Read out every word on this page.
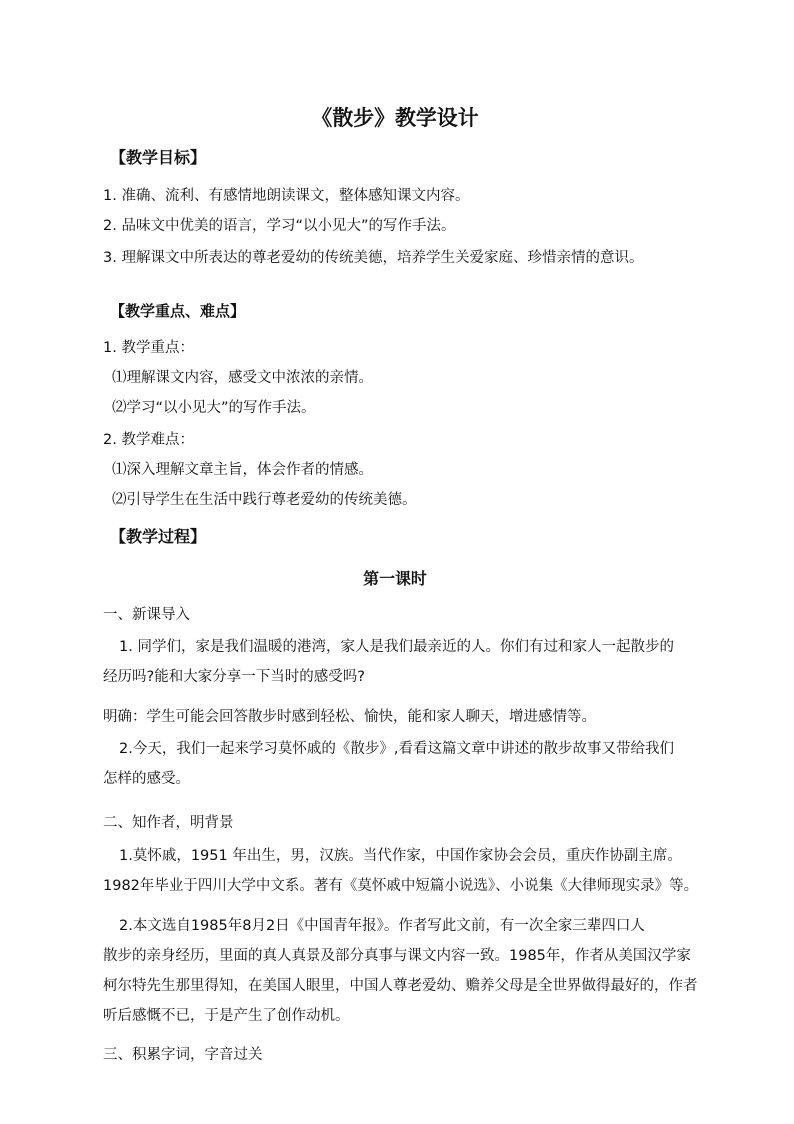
《散步》教学设计
【教学目标】
1. 准确、流利、有感情地朗读课文，整体感知课文内容。
2. 品味文中优美的语言，学习“以小见大”的写作手法。
3. 理解课文中所表达的尊老爱幼的传统美德，培养学生关爱家庭、珍惜亲情的意识。
【教学重点、难点】
1. 教学重点：
⑴理解课文内容，感受文中浓浓的亲情。
⑵学习“以小见大”的写作手法。
2. 教学难点：
⑴深入理解文章主旨，体会作者的情感。
⑵引导学生在生活中践行尊老爱幼的传统美德。
【教学过程】
第一课时
一、新课导入
1. 同学们，家是我们温暖的港湾，家人是我们最亲近的人。你们有过和家人一起散步的
经历吗?能和大家分享一下当时的感受吗?
明确：学生可能会回答散步时感到轻松、愉快，能和家人聊天，增进感情等。
2.今天，我们一起来学习莫怀戚的《散步》,看看这篇文章中讲述的散步故事又带给我们
怎样的感受。
二、知作者，明背景
1.莫怀戚，1951 年出生，男，汉族。当代作家，中国作家协会会员，重庆作协副主席。
1982年毕业于四川大学中文系。著有《莫怀戚中短篇小说选》、小说集《大律师现实录》等。
2.本文选自1985年8月2日《中国青年报》。作者写此文前，有一次全家三辈四口人
散步的亲身经历，里面的真人真景及部分真事与课文内容一致。1985年，作者从美国汉学家
柯尔特先生那里得知，在美国人眼里，中国人尊老爱幼、赡养父母是全世界做得最好的，作者
听后感慨不已，于是产生了创作动机。
三、积累字词，字音过关
